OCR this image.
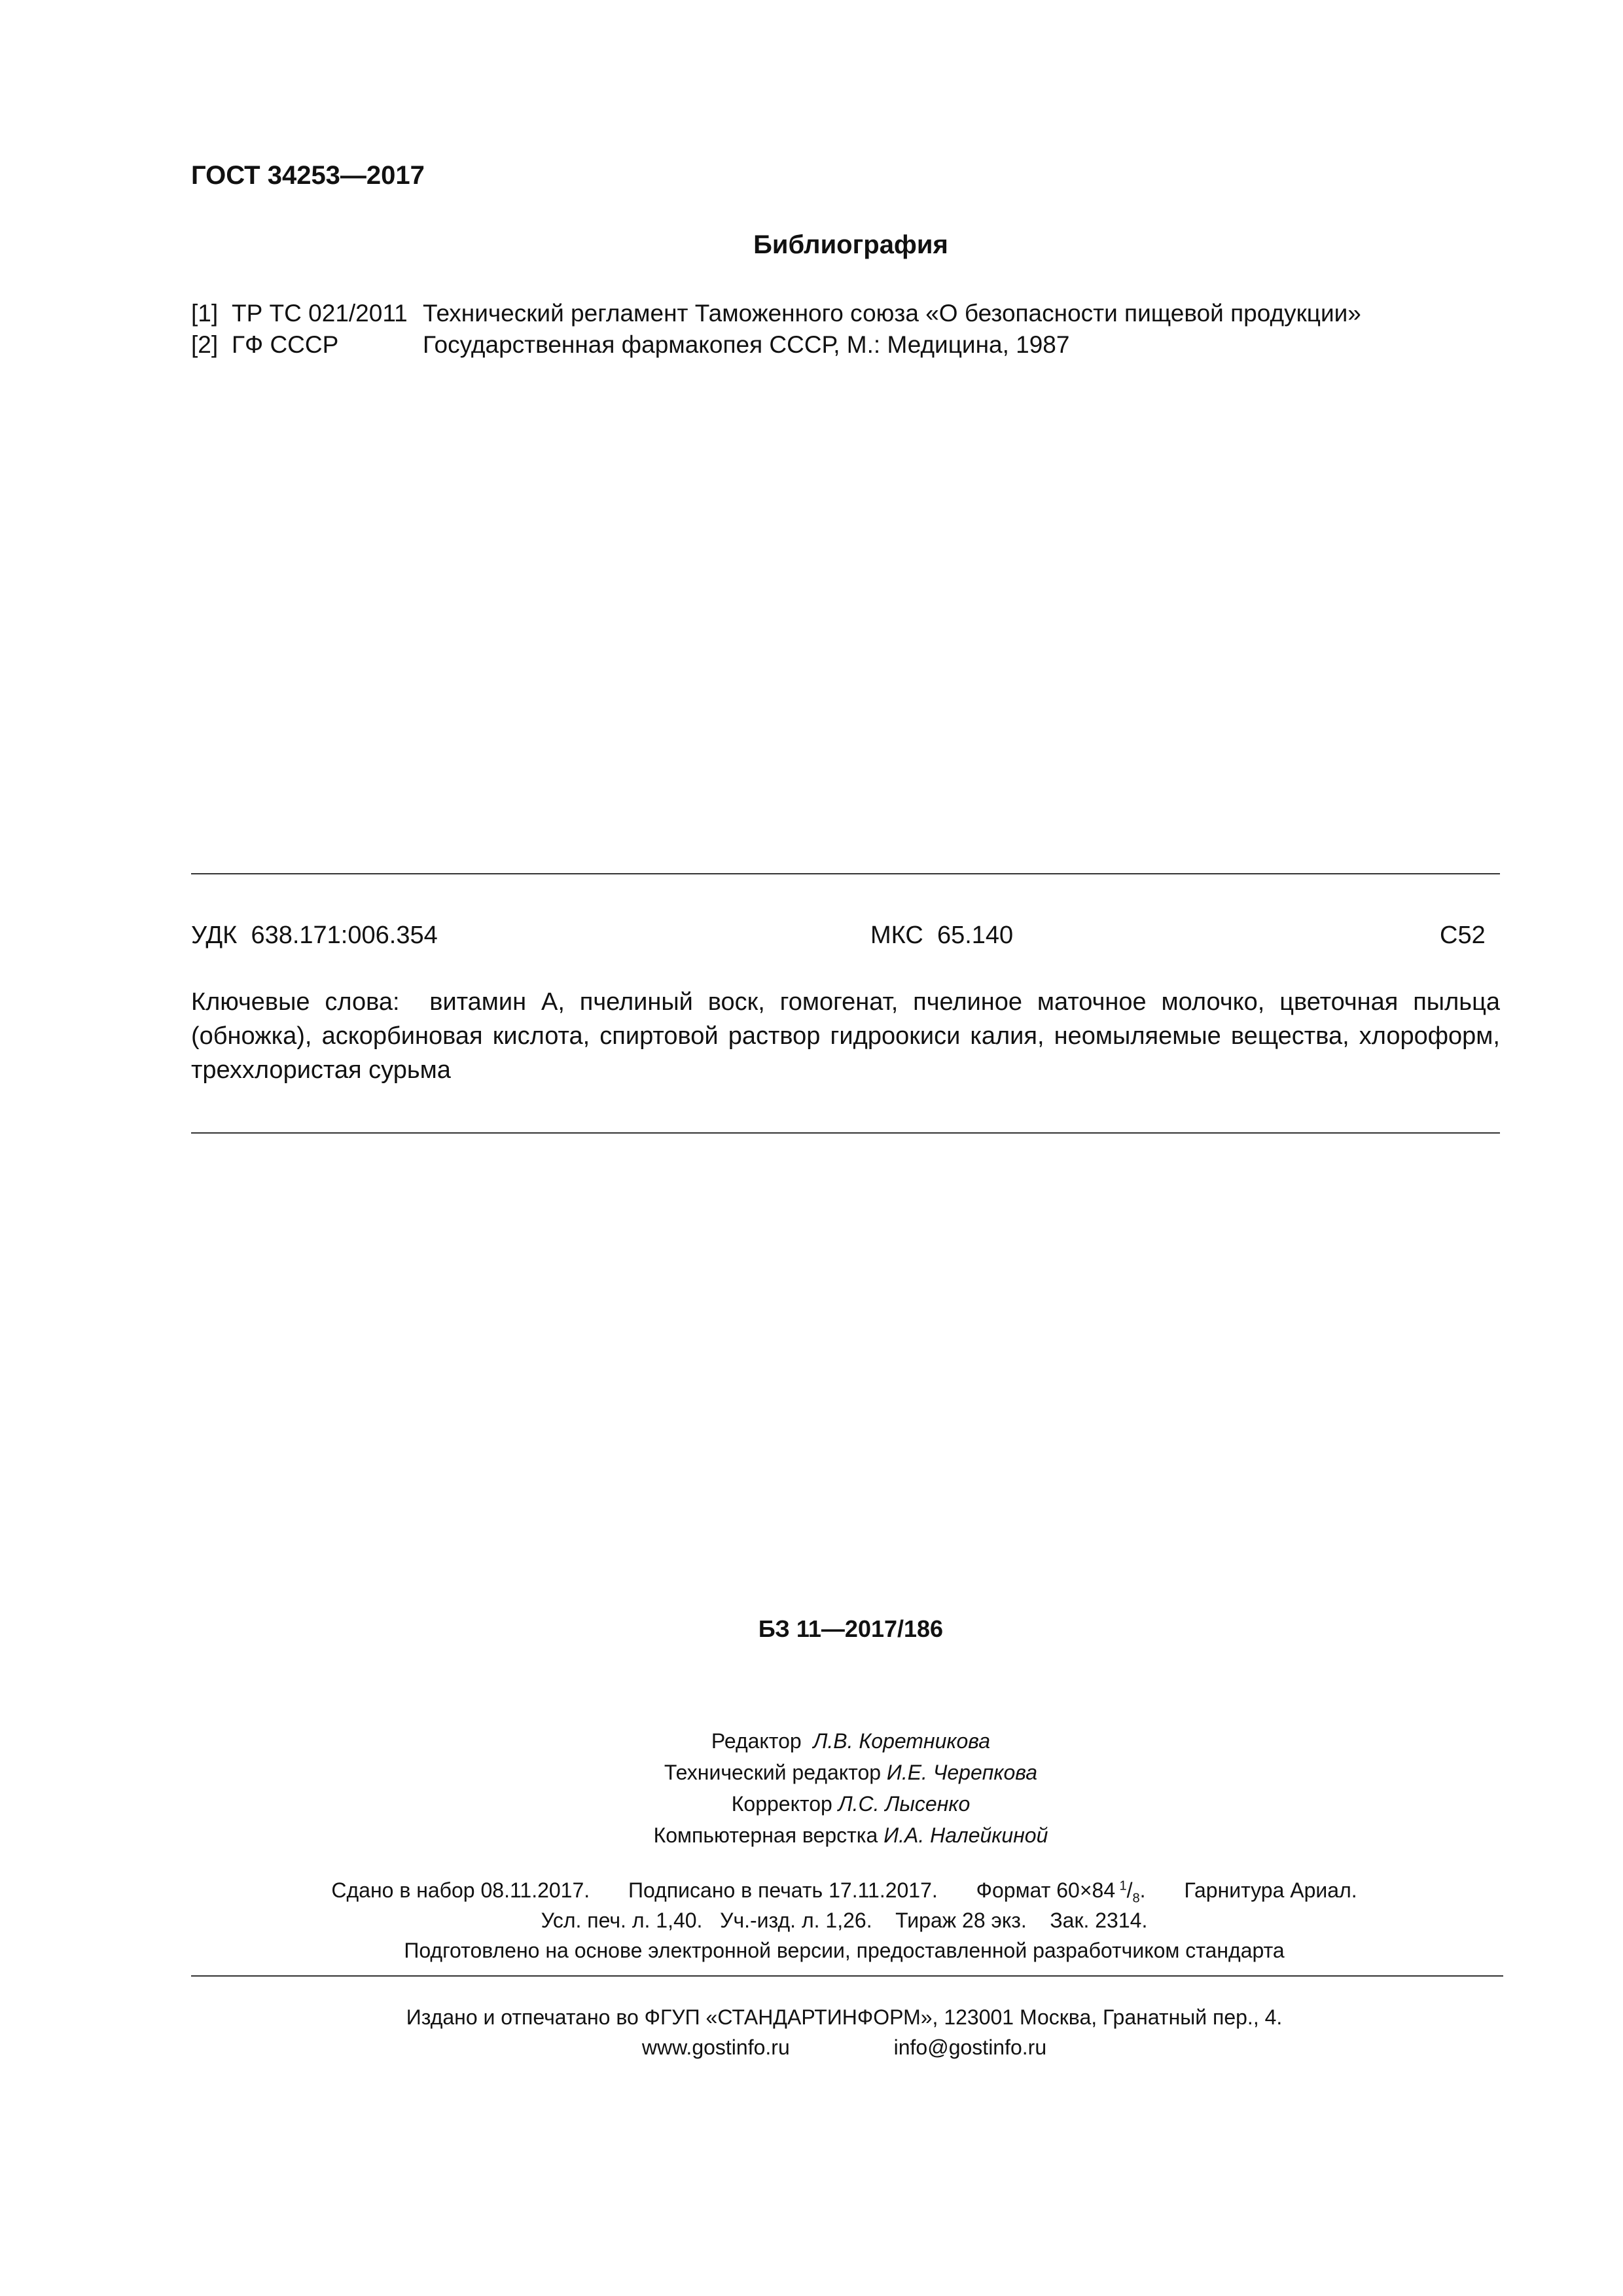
ГОСТ 34253—2017
Библиография
[1] ТР ТС 021/2011 Технический регламент Таможенного союза «О безопасности пищевой продукции»
[2] ГФ СССР	Государственная фармакопея СССР, М.: Медицина, 1987
УДК 638.171:006.354	МКС 65.140	С52
Ключевые слова: витамин А, пчелиный воск, гомогенат, пчелиное маточное молочко, цветочная пыльца (обножка), аскорбиновая кислота, спиртовой раствор гидроокиси калия, неомыляемые вещества, хлороформ, треххлористая сурьма
БЗ 11—2017/186
Редактор Л.В. Коретникова
Технический редактор И.Е. Черепкова
Корректор Л.С. Лысенко
Компьютерная верстка И.А. Налейкиной
Сдано в набор 08.11.2017. Подписано в печать 17.11.2017. Формат 60×84  $^1/_8$. Гарнитура Ариал.
Усл. печ. л. 1,40. Уч.-изд. л. 1,26. Тираж 28 экз. Зак. 2314.
Подготовлено на основе электронной версии, предоставленной разработчиком стандарта
Издано и отпечатано во ФГУП «СТАНДАРТИНФОРМ», 123001 Москва, Гранатный пер., 4.
www.gostinfo.ru	info@gostinfo.ru
